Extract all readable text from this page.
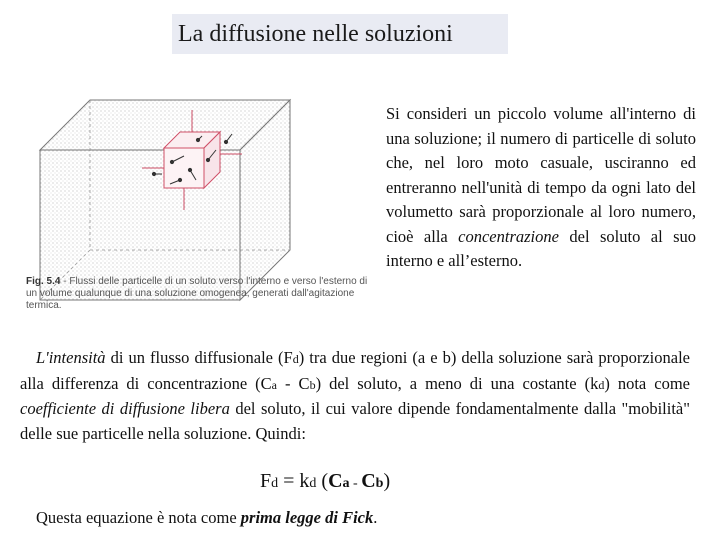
La diffusione nelle soluzioni
Fig. 5.4 - Flussi delle particelle di un soluto verso l'interno e verso l'esterno di un volume qualunque di una soluzione omogenea, generati dall'agitazione termica.
Si consideri un piccolo volume all'interno di una soluzione; il numero di particelle di soluto che, nel loro moto casuale, usciranno ed entreranno nell'unità di tempo da ogni lato del volumetto sarà proporzionale al loro numero, cioè alla concentrazione del soluto al suo interno e all’esterno.
L'intensità di un flusso diffusionale (Fd) tra due regioni (a e b) della soluzione sarà proporzionale alla differenza di concentrazione (Ca - Cb) del soluto, a meno di una costante (kd) nota come coefficiente di diffusione libera del soluto, il cui valore dipende fondamentalmente dalla "mobilità" delle sue particelle nella soluzione. Quindi:
Fd = kd (Ca - Cb)
Questa equazione è nota come prima legge di Fick.
